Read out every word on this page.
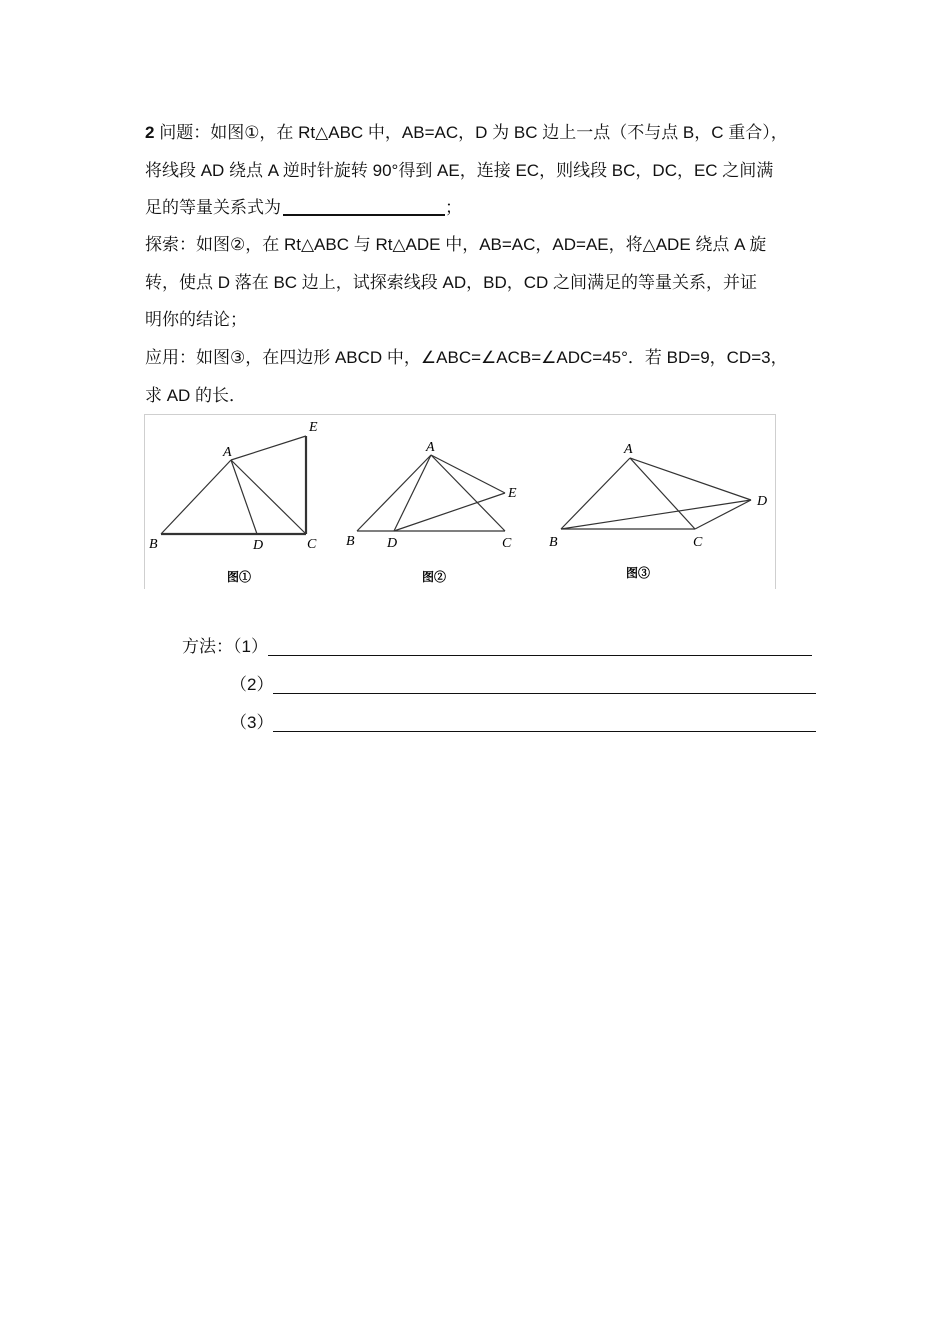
2 问题：如图①，在 Rt△ABC 中，AB=AC，D 为 BC 边上一点（不与点 B，C 重合），
将线段 AD 绕点 A 逆时针旋转 90°得到 AE，连接 EC，则线段 BC，DC，EC 之间满
足的等量关系式为	；
探索：如图②，在 Rt△ABC 与 Rt△ADE 中，AB=AC，AD=AE，将△ADE 绕点 A 旋
转，使点 D 落在 BC 边上，试探索线段 AD，BD，CD 之间满足的等量关系，并证
明你的结论；
应用：如图③，在四边形 ABCD 中，∠ABC=∠ACB=∠ADC=45°．若 BD=9，CD=3，
求 AD 的长．
A
B	D	C
E
图①
A
B D	C
E
图②
A
B	C
D
图③
方法：（1）
（2）
（3）
